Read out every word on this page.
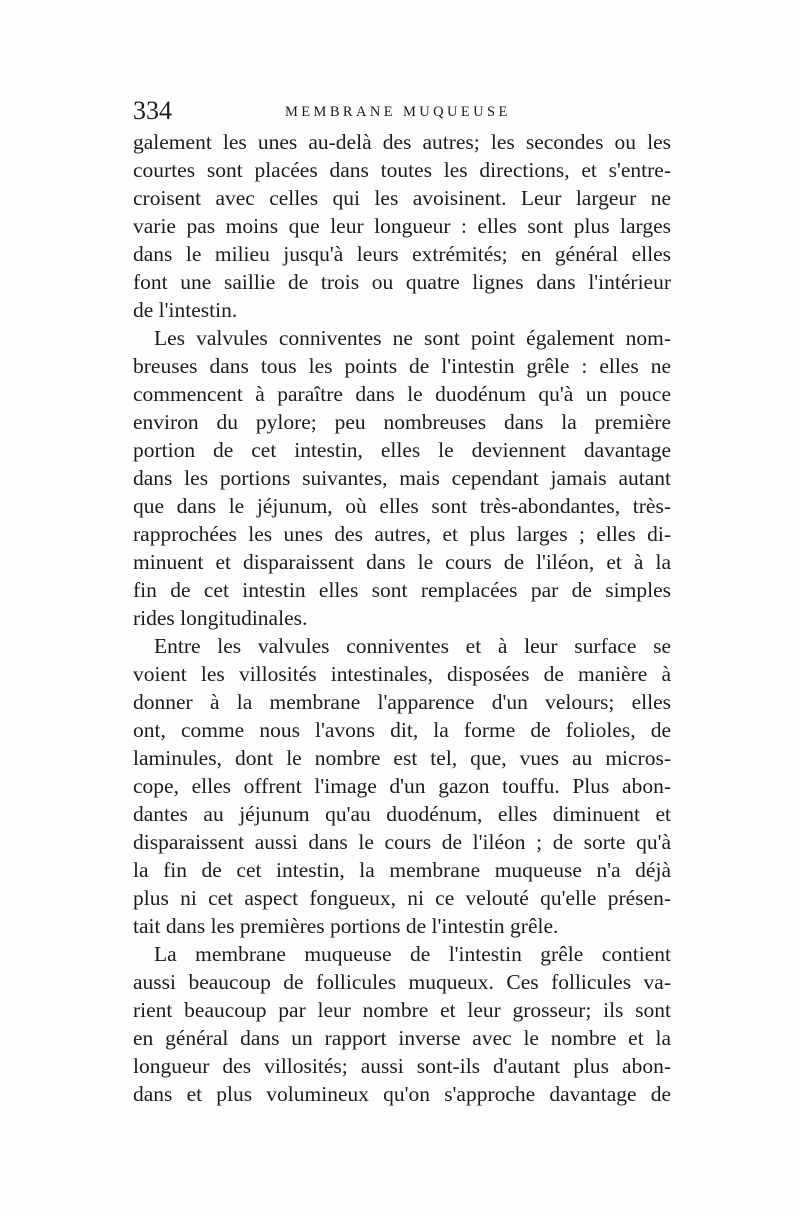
334	MEMBRANE MUQUEUSE
galement les unes au-delà des autres; les secondes ou les
courtes sont placées dans toutes les directions, et s'entre-
croisent avec celles qui les avoisinent. Leur largeur ne
varie pas moins que leur longueur : elles sont plus larges
dans le milieu jusqu'à leurs extrémités; en général elles
font une saillie de trois ou quatre lignes dans l'intérieur
de l'intestin.
Les valvules conniventes ne sont point également nom-
breuses dans tous les points de l'intestin grêle : elles ne
commencent à paraître dans le duodénum qu'à un pouce
environ du pylore; peu nombreuses dans la première
portion de cet intestin, elles le deviennent davantage
dans les portions suivantes, mais cependant jamais autant
que dans le jéjunum, où elles sont très-abondantes, très-
rapprochées les unes des autres, et plus larges ; elles di-
minuent et disparaissent dans le cours de l'iléon, et à la
fin de cet intestin elles sont remplacées par de simples
rides longitudinales.
Entre les valvules conniventes et à leur surface se
voient les villosités intestinales, disposées de manière à
donner à la membrane l'apparence d'un velours; elles
ont, comme nous l'avons dit, la forme de folioles, de
laminules, dont le nombre est tel, que, vues au micros-
cope, elles offrent l'image d'un gazon touffu. Plus abon-
dantes au jéjunum qu'au duodénum, elles diminuent et
disparaissent aussi dans le cours de l'iléon ; de sorte qu'à
la fin de cet intestin, la membrane muqueuse n'a déjà
plus ni cet aspect fongueux, ni ce velouté qu'elle présen-
tait dans les premières portions de l'intestin grêle.
La membrane muqueuse de l'intestin grêle contient
aussi beaucoup de follicules muqueux. Ces follicules va-
rient beaucoup par leur nombre et leur grosseur; ils sont
en général dans un rapport inverse avec le nombre et la
longueur des villosités; aussi sont-ils d'autant plus abon-
dans et plus volumineux qu'on s'approche davantage de
